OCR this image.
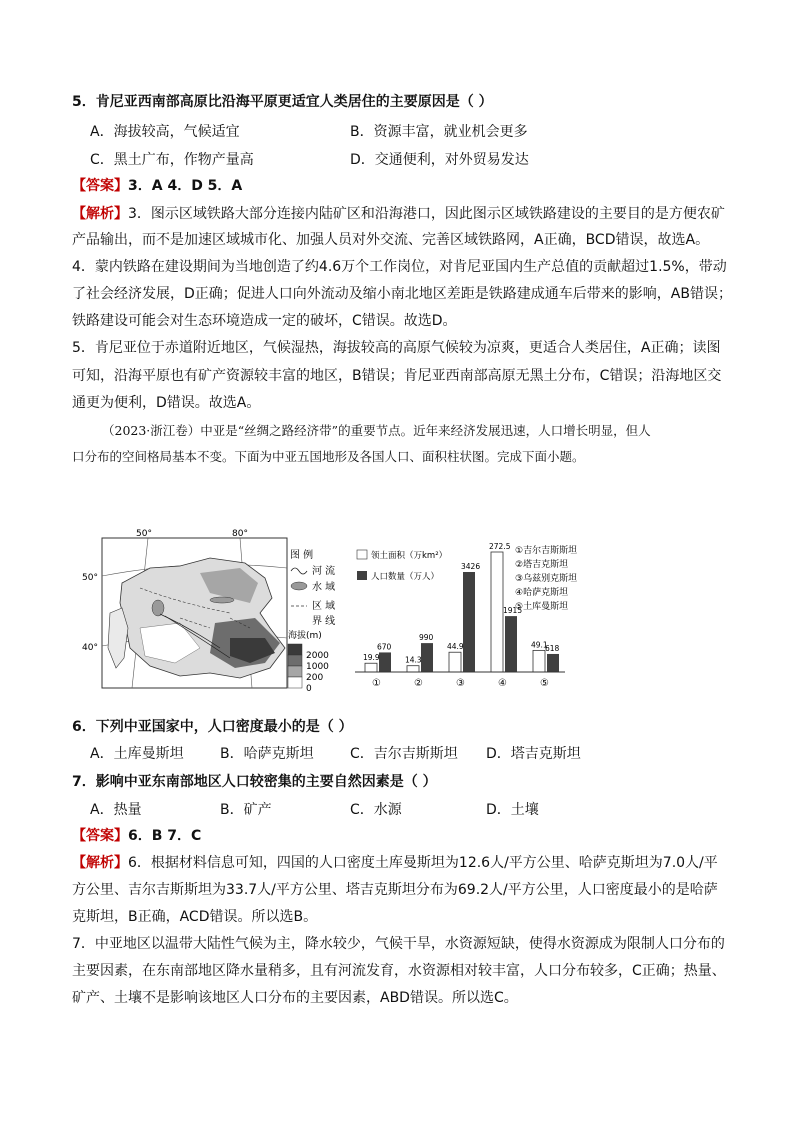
5．肯尼亚西南部高原比沿海平原更适宜人类居住的主要原因是（ ）
A．海拔较高，气候适宜	B．资源丰富，就业机会更多
C．黑土广布，作物产量高	D．交通便利，对外贸易发达
【答案】3．A 4．D 5．A
【解析】3．图示区域铁路大部分连接内陆矿区和沿海港口，因此图示区域铁路建设的主要目的是方便农矿
产品输出，而不是加速区域城市化、加强人员对外交流、完善区域铁路网，A正确，BCD错误，故选A。
4．蒙内铁路在建设期间为当地创造了约4.6万个工作岗位，对肯尼亚国内生产总值的贡献超过1.5%，带动
了社会经济发展，D正确；促进人口向外流动及缩小南北地区差距是铁路建成通车后带来的影响，AB错误；
铁路建设可能会对生态环境造成一定的破坏，C错误。故选D。
5．肯尼亚位于赤道附近地区，气候湿热，海拔较高的高原气候较为凉爽，更适合人类居住，A正确；读图
可知，沿海平原也有矿产资源较丰富的地区，B错误；肯尼亚西南部高原无黑土分布，C错误；沿海地区交
通更为便利，D错误。故选A。
（2023·浙江卷）中亚是“丝绸之路经济带”的重要节点。近年来经济发展迅速，人口增长明显，但人
口分布的空间格局基本不变。下面为中亚五国地形及各国人口、面积柱状图。完成下面小题。
50°	80°
50°
40°
图 例
河 流
水 域
区 域
界 线
海拔(m)
2000
1000
200
0
19.9
670
①
14.3
990
②
44.9
3426
③
272.5
1915
④
49.1
618
⑤
领土面积（万km²）
人口数量（万人）
①吉尔吉斯斯坦
②塔吉克斯坦
③乌兹别克斯坦
④哈萨克斯坦
⑤土库曼斯坦
6．下列中亚国家中，人口密度最小的是（ ）
A．土库曼斯坦	B．哈萨克斯坦	C．吉尔吉斯斯坦 D．塔吉克斯坦
7．影响中亚东南部地区人口较密集的主要自然因素是（ ）
A．热量	B．矿产	C．水源	D．土壤
【答案】6．B 7．C
【解析】6．根据材料信息可知，四国的人口密度土库曼斯坦为12.6人/平方公里、哈萨克斯坦为7.0人/平
方公里、吉尔吉斯斯坦为33.7人/平方公里、塔吉克斯坦分布为69.2人/平方公里，人口密度最小的是哈萨
克斯坦，B正确，ACD错误。所以选B。
7．中亚地区以温带大陆性气候为主，降水较少，气候干旱，水资源短缺，使得水资源成为限制人口分布的
主要因素，在东南部地区降水量稍多，且有河流发育，水资源相对较丰富，人口分布较多，C正确；热量、
矿产、土壤不是影响该地区人口分布的主要因素，ABD错误。所以选C。
